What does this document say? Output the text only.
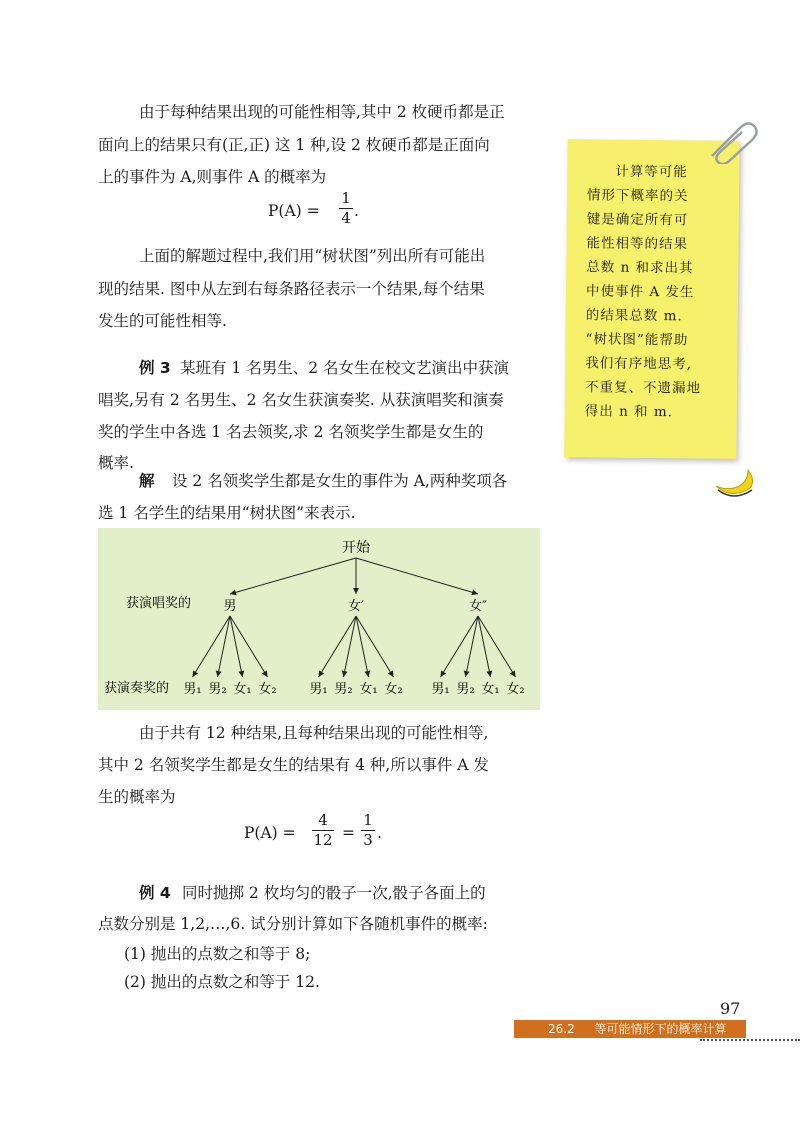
由于每种结果出现的可能性相等,其中 2 枚硬币都是正
面向上的结果只有(正,正) 这 1 种,设 2 枚硬币都是正面向
上的事件为 A,则事件 A 的概率为
P(A) =
1
4 .
上面的解题过程中,我们用“树状图”列出所有可能出
现的结果. 图中从左到右每条路径表示一个结果,每个结果
发生的可能性相等.
例 3 某班有 1 名男生、2 名女生在校文艺演出中获演
唱奖,另有 2 名男生、2 名女生获演奏奖. 从获演唱奖和演奏
奖的学生中各选 1 名去领奖,求 2 名领奖学生都是女生的
概率.
解 设 2 名领奖学生都是女生的事件为 A,两种奖项各
选 1 名学生的结果用“树状图”来表示.
开始
获演唱奖的
获演奏奖的
男
男₁ 男₂ 女₁ 女₂
女′
男₁ 男₂ 女₁ 女₂
女″
男₁ 男₂ 女₁ 女₂
由于共有 12 种结果,且每种结果出现的可能性相等,
其中 2 名领奖学生都是女生的结果有 4 种,所以事件 A 发
生的概率为
P(A) =
4
12 =
1
3 .
例 4 同时抛掷 2 枚均匀的骰子一次,骰子各面上的
点数分别是 1,2,…,6. 试分别计算如下各随机事件的概率:
(1) 抛出的点数之和等于 8;
(2) 抛出的点数之和等于 12.
计算等可能
情形下概率的关
键是确定所有可
能性相等的结果
总数 n 和求出其
中使事件 A 发生
的结果总数 m.
“树状图”能帮助
我们有序地思考,
不重复、不遗漏地
得出 n 和 m.
97
26.2 等可能情形下的概率计算
